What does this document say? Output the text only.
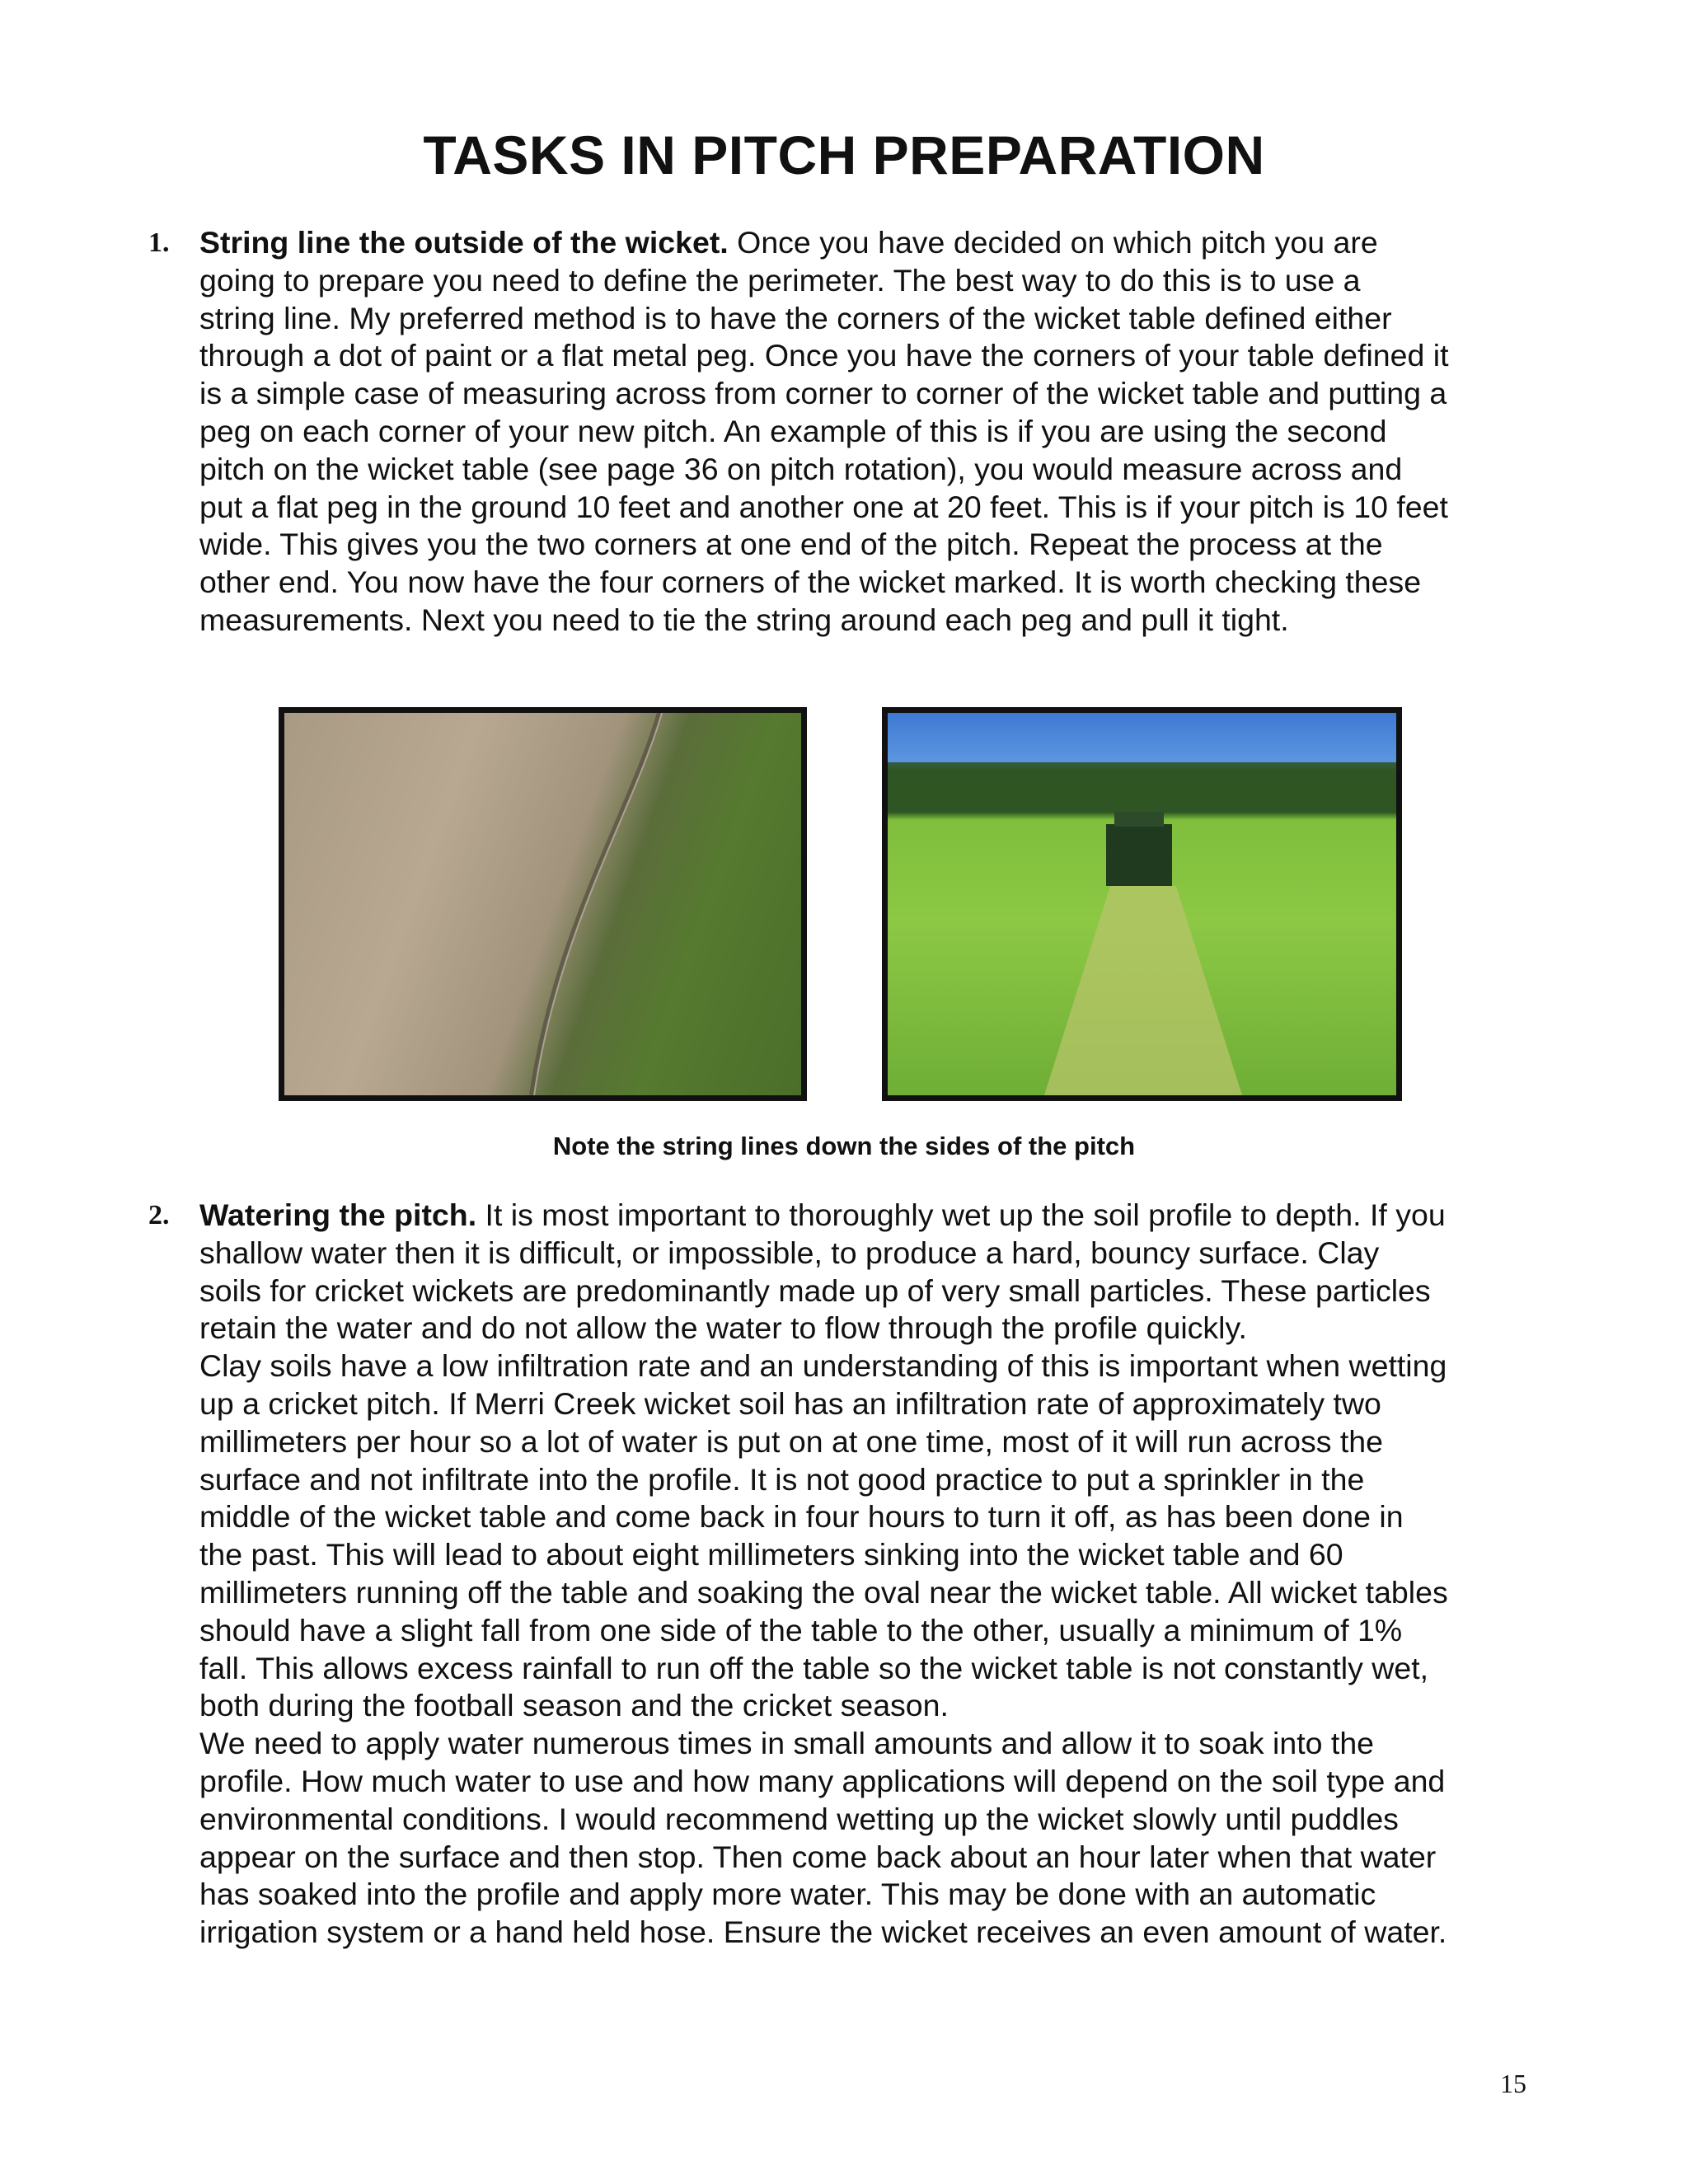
TASKS IN PITCH PREPARATION
1. String line the outside of the wicket. Once you have decided on which pitch you are
going to prepare you need to define the perimeter. The best way to do this is to use a
string line. My preferred method is to have the corners of the wicket table defined either
through a dot of paint or a flat metal peg. Once you have the corners of your table defined it
is a simple case of measuring across from corner to corner of the wicket table and putting a
peg on each corner of your new pitch. An example of this is if you are using the second
pitch on the wicket table (see page 36 on pitch rotation), you would measure across and
put a flat peg in the ground 10 feet and another one at 20 feet. This is if your pitch is 10 feet
wide. This gives you the two corners at one end of the pitch. Repeat the process at the
other end. You now have the four corners of the wicket marked. It is worth checking these
measurements. Next you need to tie the string around each peg and pull it tight.
Note the string lines down the sides of the pitch
2. Watering the pitch. It is most important to thoroughly wet up the soil profile to depth. If you
shallow water then it is difficult, or impossible, to produce a hard, bouncy surface. Clay
soils for cricket wickets are predominantly made up of very small particles. These particles
retain the water and do not allow the water to flow through the profile quickly.
Clay soils have a low infiltration rate and an understanding of this is important when wetting
up a cricket pitch. If Merri Creek wicket soil has an infiltration rate of approximately two
millimeters per hour so a lot of water is put on at one time, most of it will run across the
surface and not infiltrate into the profile. It is not good practice to put a sprinkler in the
middle of the wicket table and come back in four hours to turn it off, as has been done in
the past. This will lead to about eight millimeters sinking into the wicket table and 60
millimeters running off the table and soaking the oval near the wicket table. All wicket tables
should have a slight fall from one side of the table to the other, usually a minimum of 1%
fall. This allows excess rainfall to run off the table so the wicket table is not constantly wet,
both during the football season and the cricket season.
We need to apply water numerous times in small amounts and allow it to soak into the
profile. How much water to use and how many applications will depend on the soil type and
environmental conditions. I would recommend wetting up the wicket slowly until puddles
appear on the surface and then stop. Then come back about an hour later when that water
has soaked into the profile and apply more water. This may be done with an automatic
irrigation system or a hand held hose. Ensure the wicket receives an even amount of water.
15
